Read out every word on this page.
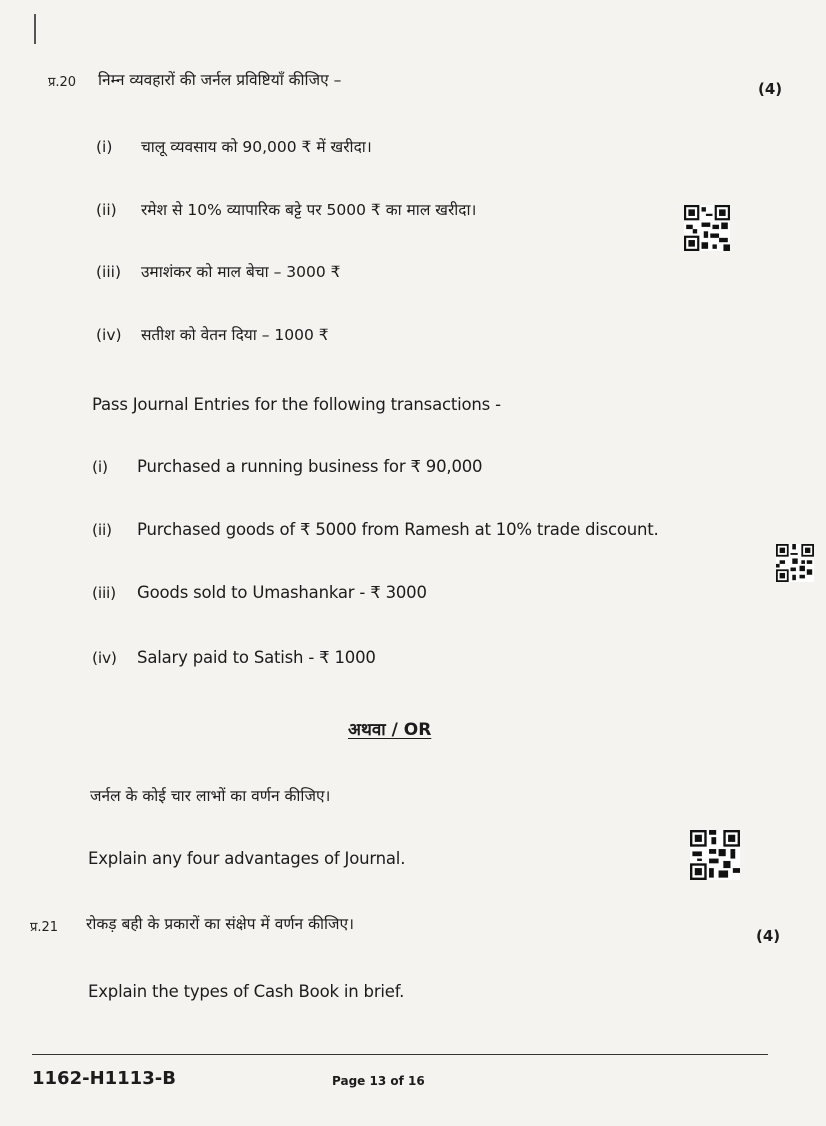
प्र.20 निम्न व्यवहारों की जर्नल प्रविष्टियाँ कीजिए –	(4)
(i) चालू व्यवसाय को 90,000 ₹ में खरीदा।
(ii) रमेश से 10% व्यापारिक बट्टे पर 5000 ₹ का माल खरीदा।
(iii) उमाशंकर को माल बेचा – 3000 ₹
(iv) सतीश को वेतन दिया – 1000 ₹
Pass Journal Entries for the following transactions -
(i) Purchased a running business for ₹ 90,000
(ii) Purchased goods of ₹ 5000 from Ramesh at 10% trade discount.
(iii) Goods sold to Umashankar - ₹ 3000
(iv) Salary paid to Satish - ₹ 1000
अथवा / OR
जर्नल के कोई चार लाभों का वर्णन कीजिए।
Explain any four advantages of Journal.
प्र.21 रोकड़ बही के प्रकारों का संक्षेप में वर्णन कीजिए।
(4)
Explain the types of Cash Book in brief.
1162-H1113-B	Page 13 of 16
